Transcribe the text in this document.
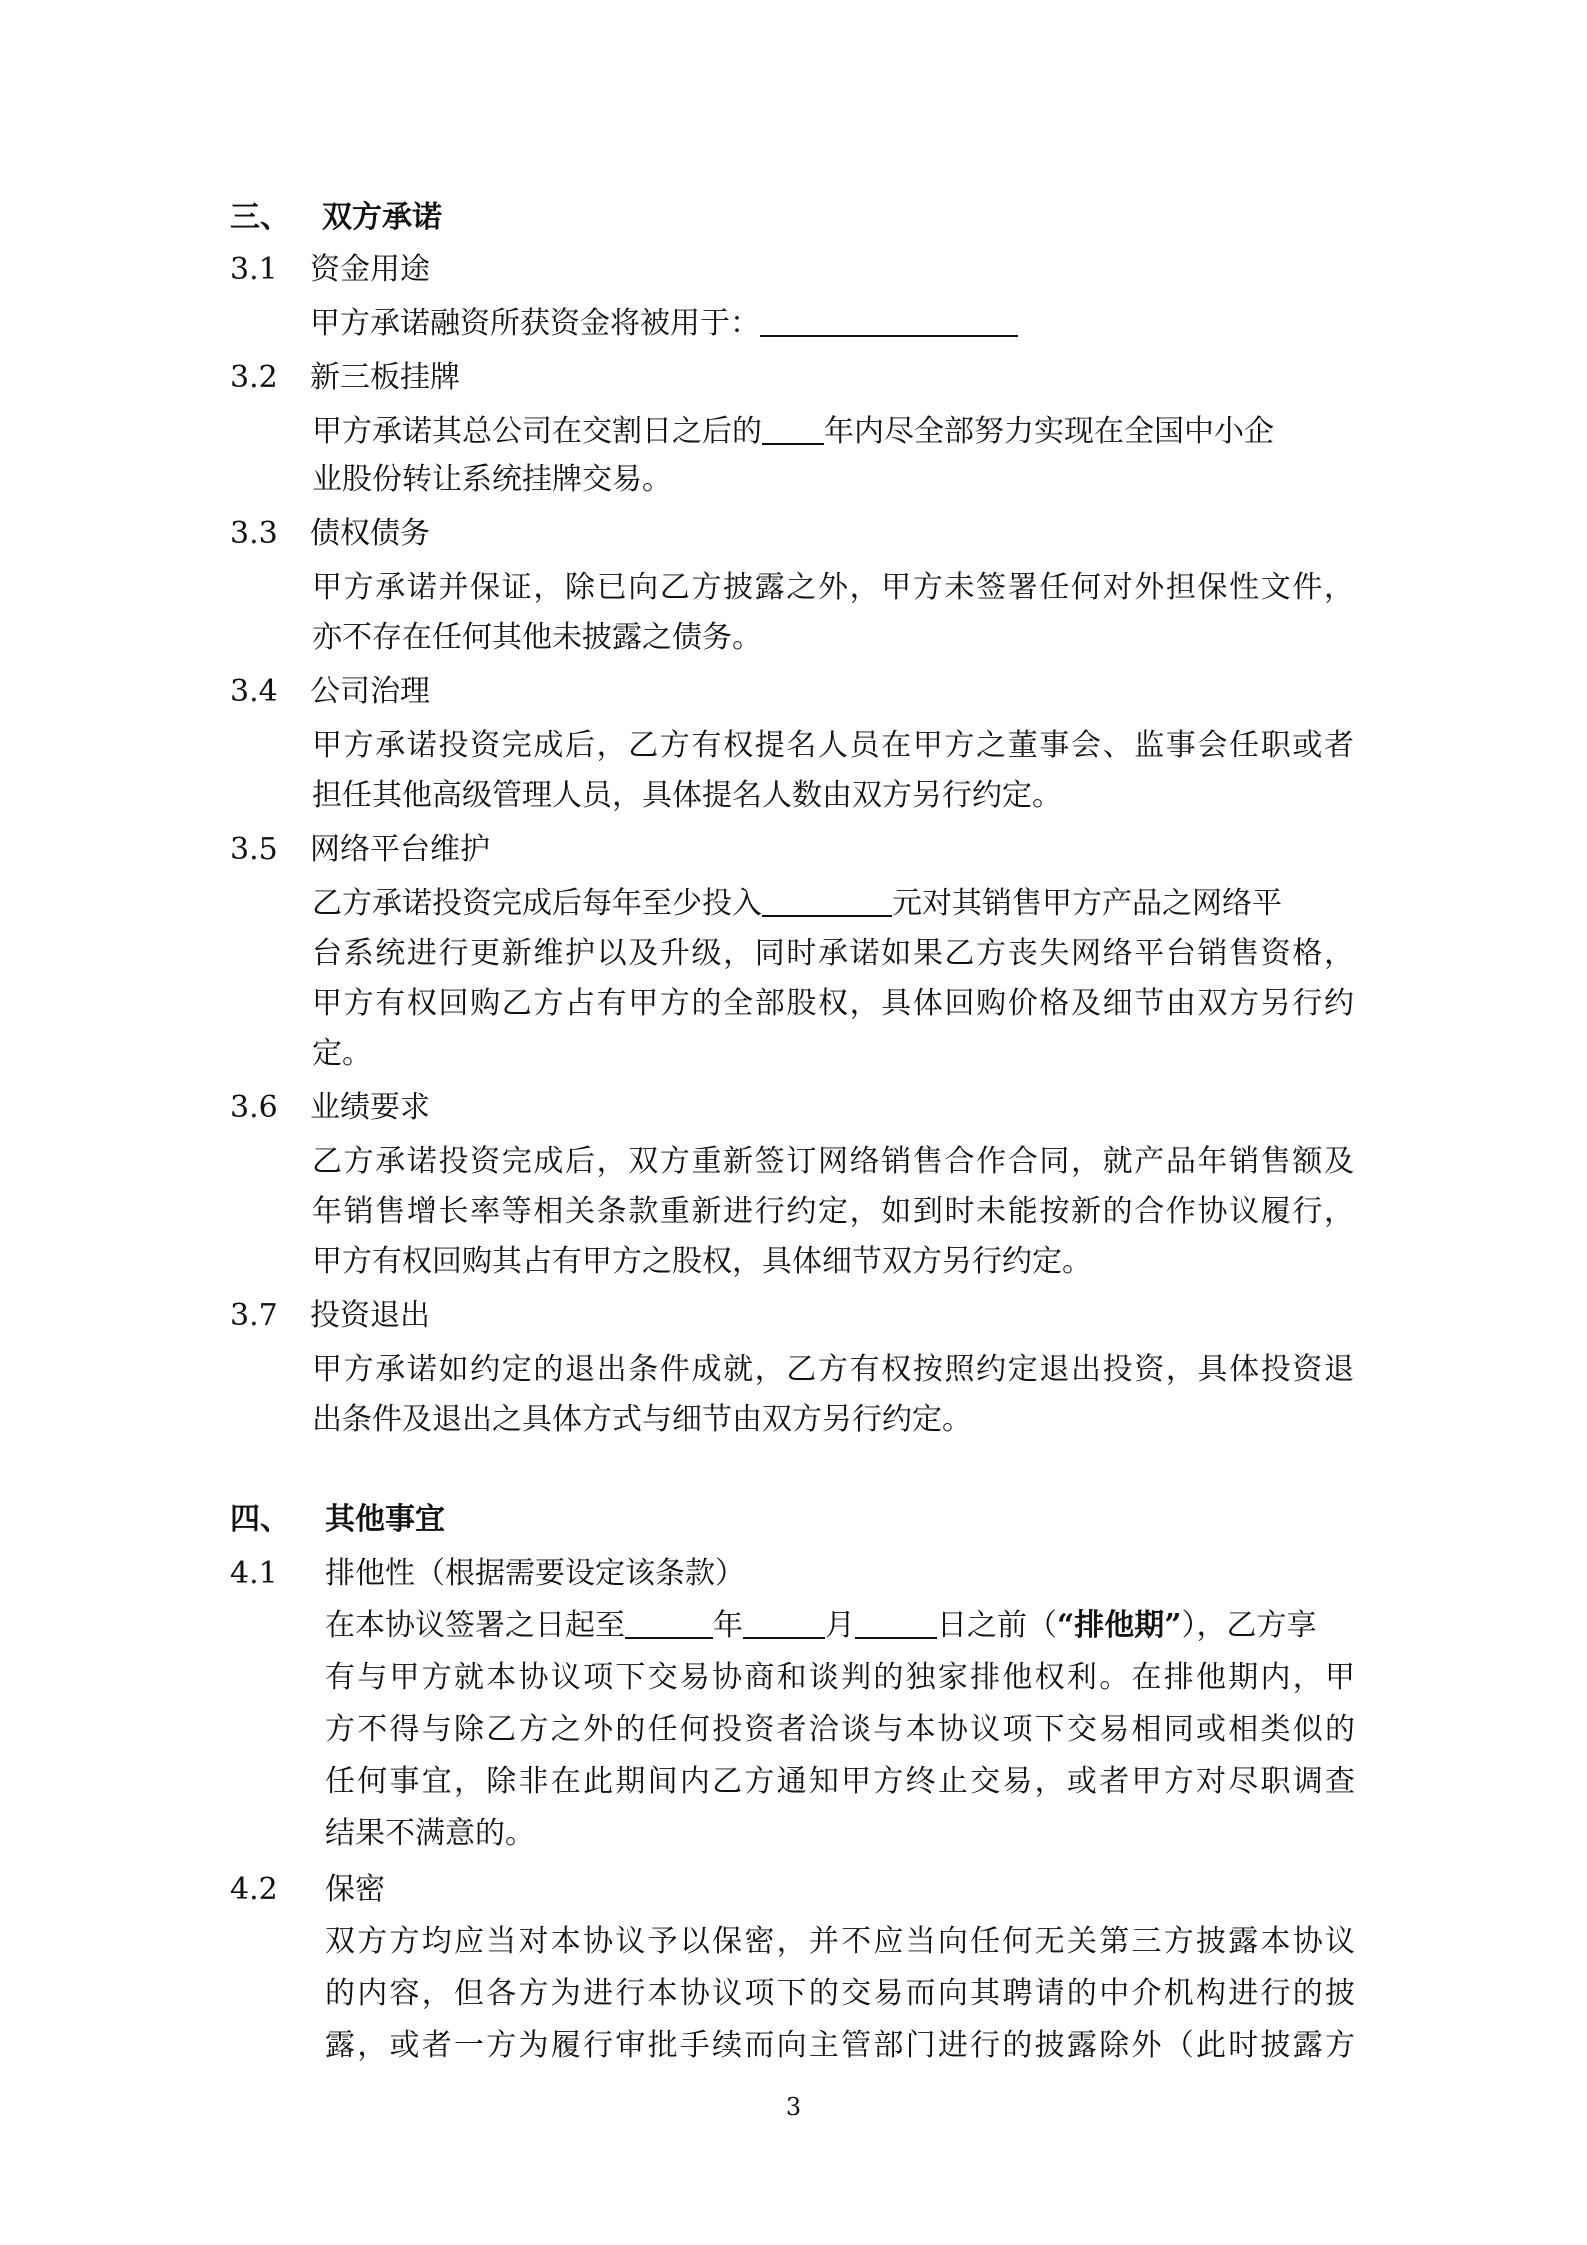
三、 双方承诺
3.1 资金用途
甲方承诺融资所获资金将被用于：
3.2 新三板挂牌
甲方承诺其总公司在交割日之后的 年内尽全部努力实现在全国中小企
业股份转让系统挂牌交易。
3.3 债权债务
甲方承诺并保证，除已向乙方披露之外，甲方未签署任何对外担保性文件，
亦不存在任何其他未披露之债务。
3.4 公司治理
甲方承诺投资完成后，乙方有权提名人员在甲方之董事会、监事会任职或者
担任其他高级管理人员，具体提名人数由双方另行约定。
3.5 网络平台维护
乙方承诺投资完成后每年至少投入	元对其销售甲方产品之网络平
台系统进行更新维护以及升级，同时承诺如果乙方丧失网络平台销售资格，
甲方有权回购乙方占有甲方的全部股权，具体回购价格及细节由双方另行约
定。
3.6 业绩要求
乙方承诺投资完成后，双方重新签订网络销售合作合同，就产品年销售额及
年销售增长率等相关条款重新进行约定，如到时未能按新的合作协议履行，
甲方有权回购其占有甲方之股权，具体细节双方另行约定。
3.7 投资退出
甲方承诺如约定的退出条件成就，乙方有权按照约定退出投资，具体投资退
出条件及退出之具体方式与细节由双方另行约定。
四、 其他事宜
4.1 排他性（根据需要设定该条款）
在本协议签署之日起至	年	月	日之前（“排他期”），乙方享
有与甲方就本协议项下交易协商和谈判的独家排他权利。在排他期内，甲
方不得与除乙方之外的任何投资者洽谈与本协议项下交易相同或相类似的
任何事宜，除非在此期间内乙方通知甲方终止交易，或者甲方对尽职调查
结果不满意的。
4.2 保密
双方方均应当对本协议予以保密，并不应当向任何无关第三方披露本协议
的内容，但各方为进行本协议项下的交易而向其聘请的中介机构进行的披
露，或者一方为履行审批手续而向主管部门进行的披露除外（此时披露方
3
